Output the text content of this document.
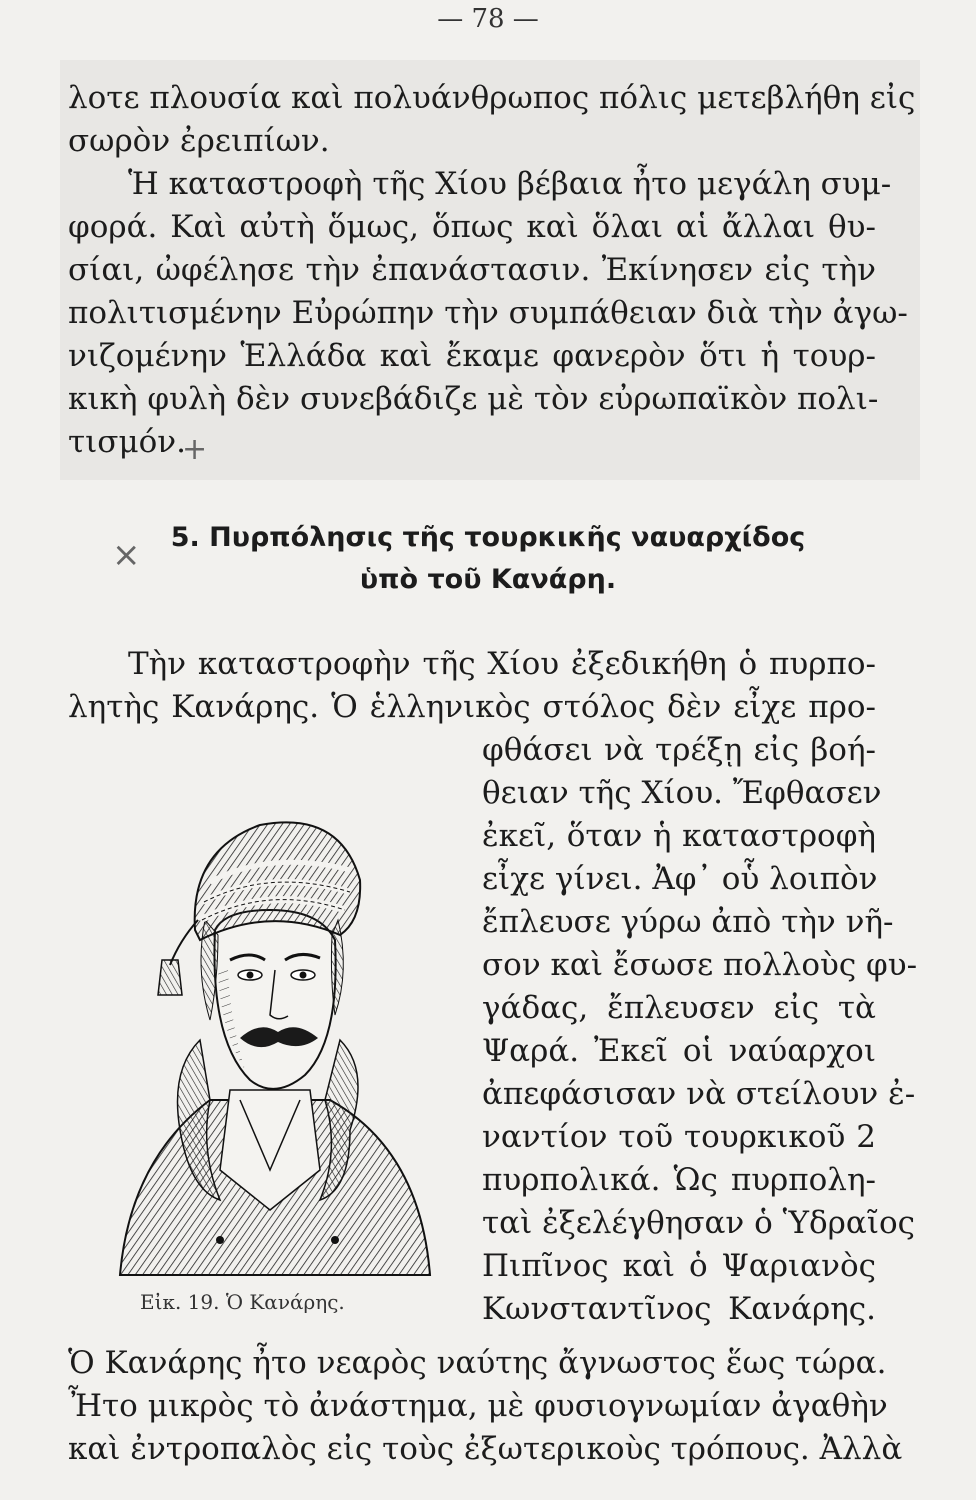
— 78 —
λοτε πλουσία καὶ πολυάνθρωπος πόλις μετεβλήθη εἰς
σωρὸν ἐρειπίων.
Ἡ καταστροφὴ τῆς Χίου βέβαια ἦτο μεγάλη συμ-
φορά. Καὶ αὐτὴ ὅμως, ὅπως καὶ ὅλαι αἱ ἄλλαι θυ-
σίαι, ὠφέλησε τὴν ἐπανάστασιν. Ἐκίνησεν εἰς τὴν
πολιτισμένην Εὐρώπην τὴν συμπάθειαν διὰ τὴν ἀγω-
νιζομένην Ἑλλάδα καὶ ἔκαμε φανερὸν ὅτι ἡ τουρ-
κικὴ φυλὴ δὲν συνεβάδιζε μὲ τὸν εὐρωπαϊκὸν πολι-
τισμόν.
+
×	5. Πυρπόλησις τῆς τουρκικῆς ναυαρχίδος
ὑπὸ τοῦ Κανάρη.
Τὴν καταστροφὴν τῆς Χίου ἐξεδικήθη ὁ πυρπο-
λητὴς Κανάρης. Ὁ ἑλληνικὸς στόλος δὲν εἶχε προ-
φθάσει νὰ τρέξῃ εἰς βοή-
θειαν τῆς Χίου. Ἔφθασεν
ἐκεῖ, ὅταν ἡ καταστροφὴ
εἶχε γίνει. Ἀφ᾽ οὗ λοιπὸν
ἔπλευσε γύρω ἀπὸ τὴν νῆ-
σον καὶ ἔσωσε πολλοὺς φυ-
γάδας, ἔπλευσεν εἰς τὰ
Ψαρά. Ἐκεῖ οἱ ναύαρχοι
ἀπεφάσισαν νὰ στείλουν ἐ-
ναντίον τοῦ τουρκικοῦ 2
πυρπολικά. Ὡς πυρπολη-
ταὶ ἐξελέγθησαν ὁ Ὑδραῖος
Πιπῖνος καὶ ὁ Ψαριανὸς
Κωνσταντῖνος Κανάρης.
Εἰκ. 19. Ὁ Κανάρης.
Ὁ Κανάρης ἦτο νεαρὸς ναύτης ἄγνωστος ἕως τώρα.
Ἦτο μικρὸς τὸ ἀνάστημα, μὲ φυσιογνωμίαν ἀγαθὴν
καὶ ἐντροπαλὸς εἰς τοὺς ἐξωτερικοὺς τρόπους. Ἀλλὰ
